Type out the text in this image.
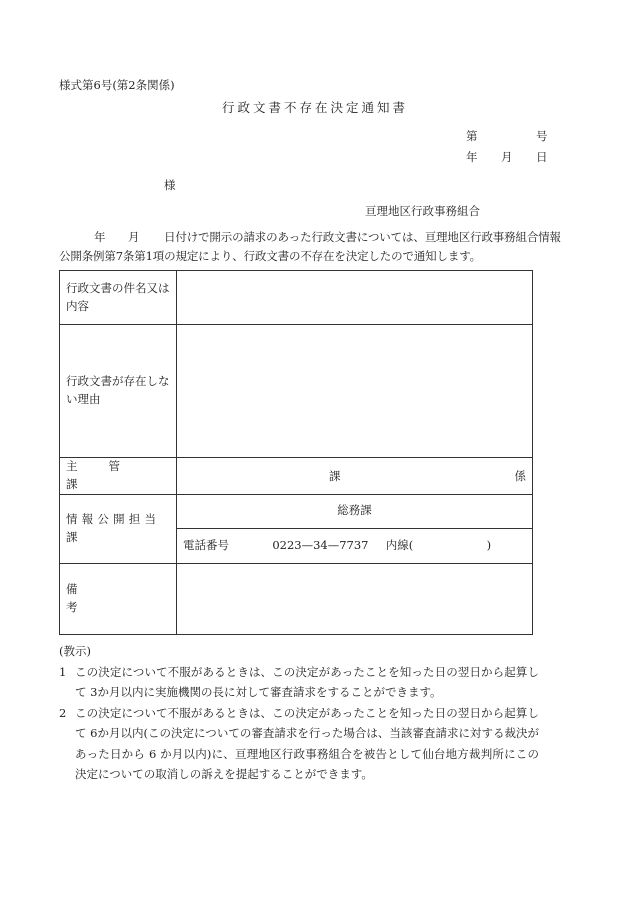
様式第6号(第2条関係)
行政文書不存在決定通知書
第	号
年 月 日
様
亘理地区行政事務組合
年 月 日付けで開示の請求のあった行政文書については、亘理地区行政事務組合情報
公開条例第7条第1項の規定により、行政文書の不存在を決定したので通知します。
行政文書の件名又は内容	
行政文書が存在しない理由	

主管課	課 係

情報公開担当課	総務課
	電話番号 0223—34—7737 内線( )
備考	
(教示)
1 この決定について不服があるときは、この決定があったことを知った日の翌日から起算して 3か月以内に実施機関の長に対して審査請求をすることができます。
2 この決定について不服があるときは、この決定があったことを知った日の翌日から起算して 6か月以内(この決定についての審査請求を行った場合は、当該審査請求に対する裁決があった日から 6 か月以内)に、亘理地区行政事務組合を被告として仙台地方裁判所にこの決定についての取消しの訴えを提起することができます。
